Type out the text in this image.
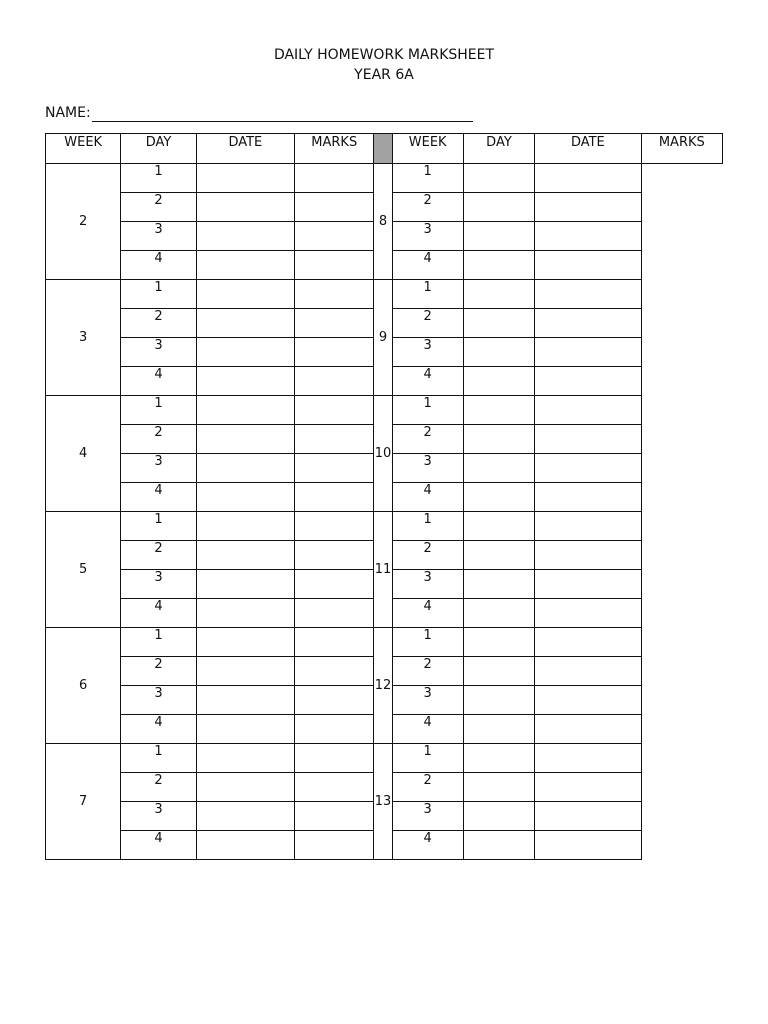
DAILY HOMEWORK MARKSHEET
YEAR 6A
NAME:
WEEK	DAY	DATE	MARKS		WEEK	DAY	DATE	MARKS
2	1			8	1			
	2				2			
	3				3			
	4				4			
3	1			9	1			
	2				2			
	3				3			
	4				4			
4	1			10	1			
	2				2			
	3				3			
	4				4			
5	1			11	1			
	2				2			
	3				3			
	4				4			
6	1			12	1			
	2				2			
	3				3			
	4				4			
7	1			13	1			
	2				2			
	3				3			
	4				4			
